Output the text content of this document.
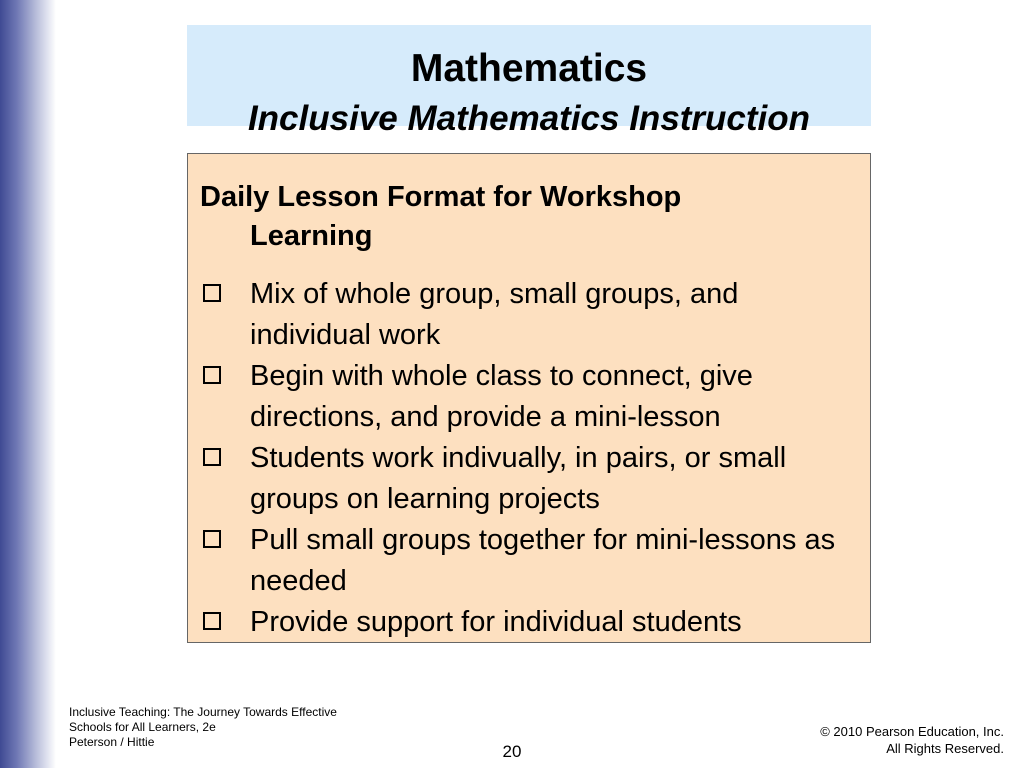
Mathematics
Inclusive Mathematics Instruction
Daily Lesson Format for Workshop
Learning
Mix of whole group, small groups, and individual work
Begin with whole class to connect, give directions, and provide a mini-lesson
Students work indivually, in pairs, or small groups on learning projects
Pull small groups together for mini-lessons as needed
Provide support for individual students
Inclusive Teaching: The Journey Towards Effective
Schools for All Learners, 2e
Peterson / Hittie	20
© 2010 Pearson Education, Inc.
All Rights Reserved.
